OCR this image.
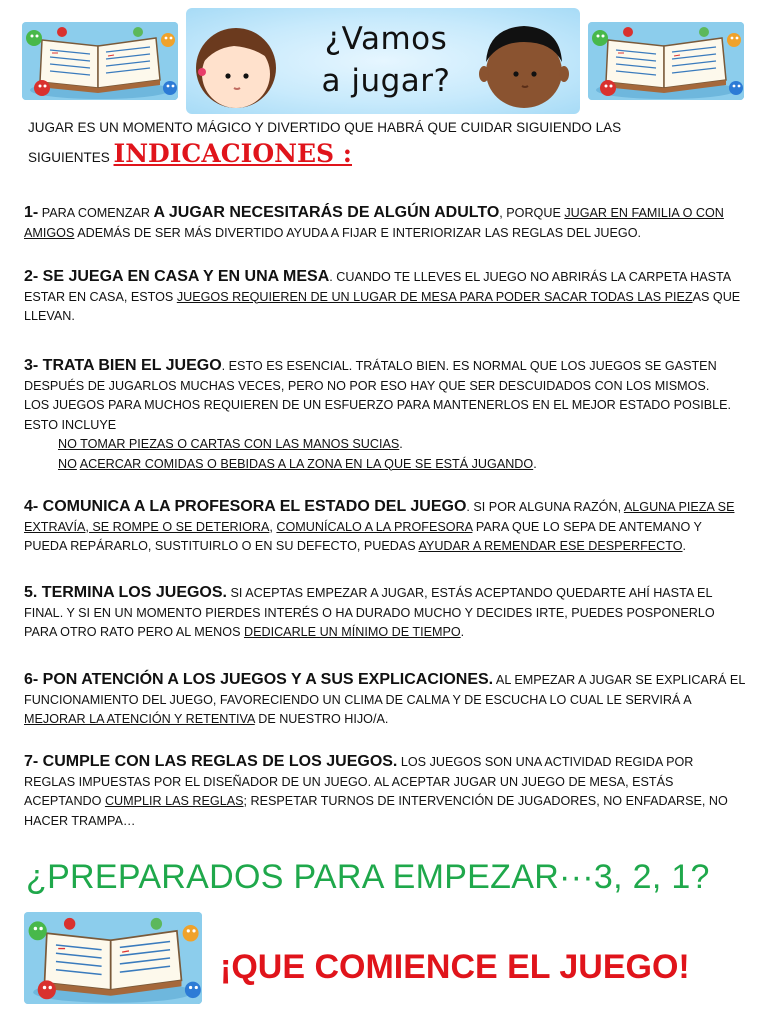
¿Vamos
a jugar?
JUGAR ES UN MOMENTO MÁGICO Y DIVERTIDO QUE HABRÁ QUE CUIDAR SIGUIENDO LAS
SIGUIENTES INDICACIONES :
1- PARA COMENZAR A JUGAR NECESITARÁS DE ALGÚN ADULTO, PORQUE JUGAR EN FAMILIA O CON AMIGOS ADEMÁS DE SER MÁS DIVERTIDO AYUDA A FIJAR E INTERIORIZAR LAS REGLAS DEL JUEGO.
2- SE JUEGA EN CASA Y EN UNA MESA. CUANDO TE LLEVES EL JUEGO NO ABRIRÁS LA CARPETA HASTA ESTAR EN CASA, ESTOS JUEGOS REQUIEREN DE UN LUGAR DE MESA PARA PODER SACAR TODAS LAS PIEZAS QUE LLEVAN.
3- TRATA BIEN EL JUEGO. ESTO ES ESENCIAL. TRÁTALO BIEN. ES NORMAL QUE LOS JUEGOS SE GASTEN DESPUÉS DE JUGARLOS MUCHAS VECES, PERO NO POR ESO HAY QUE SER DESCUIDADOS CON LOS MISMOS.
LOS JUEGOS PARA MUCHOS REQUIEREN DE UN ESFUERZO PARA MANTENERLOS EN EL MEJOR ESTADO POSIBLE. ESTO INCLUYE
NO TOMAR PIEZAS O CARTAS CON LAS MANOS SUCIAS.
NO ACERCAR COMIDAS O BEBIDAS A LA ZONA EN LA QUE SE ESTÁ JUGANDO.
4- COMUNICA A LA PROFESORA EL ESTADO DEL JUEGO. SI POR ALGUNA RAZÓN, ALGUNA PIEZA SE EXTRAVÍA, SE ROMPE O SE DETERIORA, COMUNÍCALO A LA PROFESORA PARA QUE LO SEPA DE ANTEMANO Y PUEDA REPÁRARLO, SUSTITUIRLO O EN SU DEFECTO, PUEDAS AYUDAR A REMENDAR ESE DESPERFECTO.
5. TERMINA LOS JUEGOS. SI ACEPTAS EMPEZAR A JUGAR, ESTÁS ACEPTANDO QUEDARTE AHÍ HASTA EL FINAL. Y SI EN UN MOMENTO PIERDES INTERÉS O HA DURADO MUCHO Y DECIDES IRTE, PUEDES POSPONERLO PARA OTRO RATO PERO AL MENOS DEDICARLE UN MÍNIMO DE TIEMPO.
6- PON ATENCIÓN A LOS JUEGOS Y A SUS EXPLICACIONES. AL EMPEZAR A JUGAR SE EXPLICARÁ EL FUNCIONAMIENTO DEL JUEGO, FAVORECIENDO UN CLIMA DE CALMA Y DE ESCUCHA LO CUAL LE SERVIRÁ A MEJORAR LA ATENCIÓN Y RETENTIVA DE NUESTRO HIJO/A.
7- CUMPLE CON LAS REGLAS DE LOS JUEGOS. LOS JUEGOS SON UNA ACTIVIDAD REGIDA POR REGLAS IMPUESTAS POR EL DISEÑADOR DE UN JUEGO. AL ACEPTAR JUGAR UN JUEGO DE MESA, ESTÁS ACEPTANDO CUMPLIR LAS REGLAS; RESPETAR TURNOS DE INTERVENCIÓN DE JUGADORES, NO ENFADARSE, NO HACER TRAMPA…
¿PREPARADOS PARA EMPEZAR···3, 2, 1?
¡QUE COMIENCE EL JUEGO!
